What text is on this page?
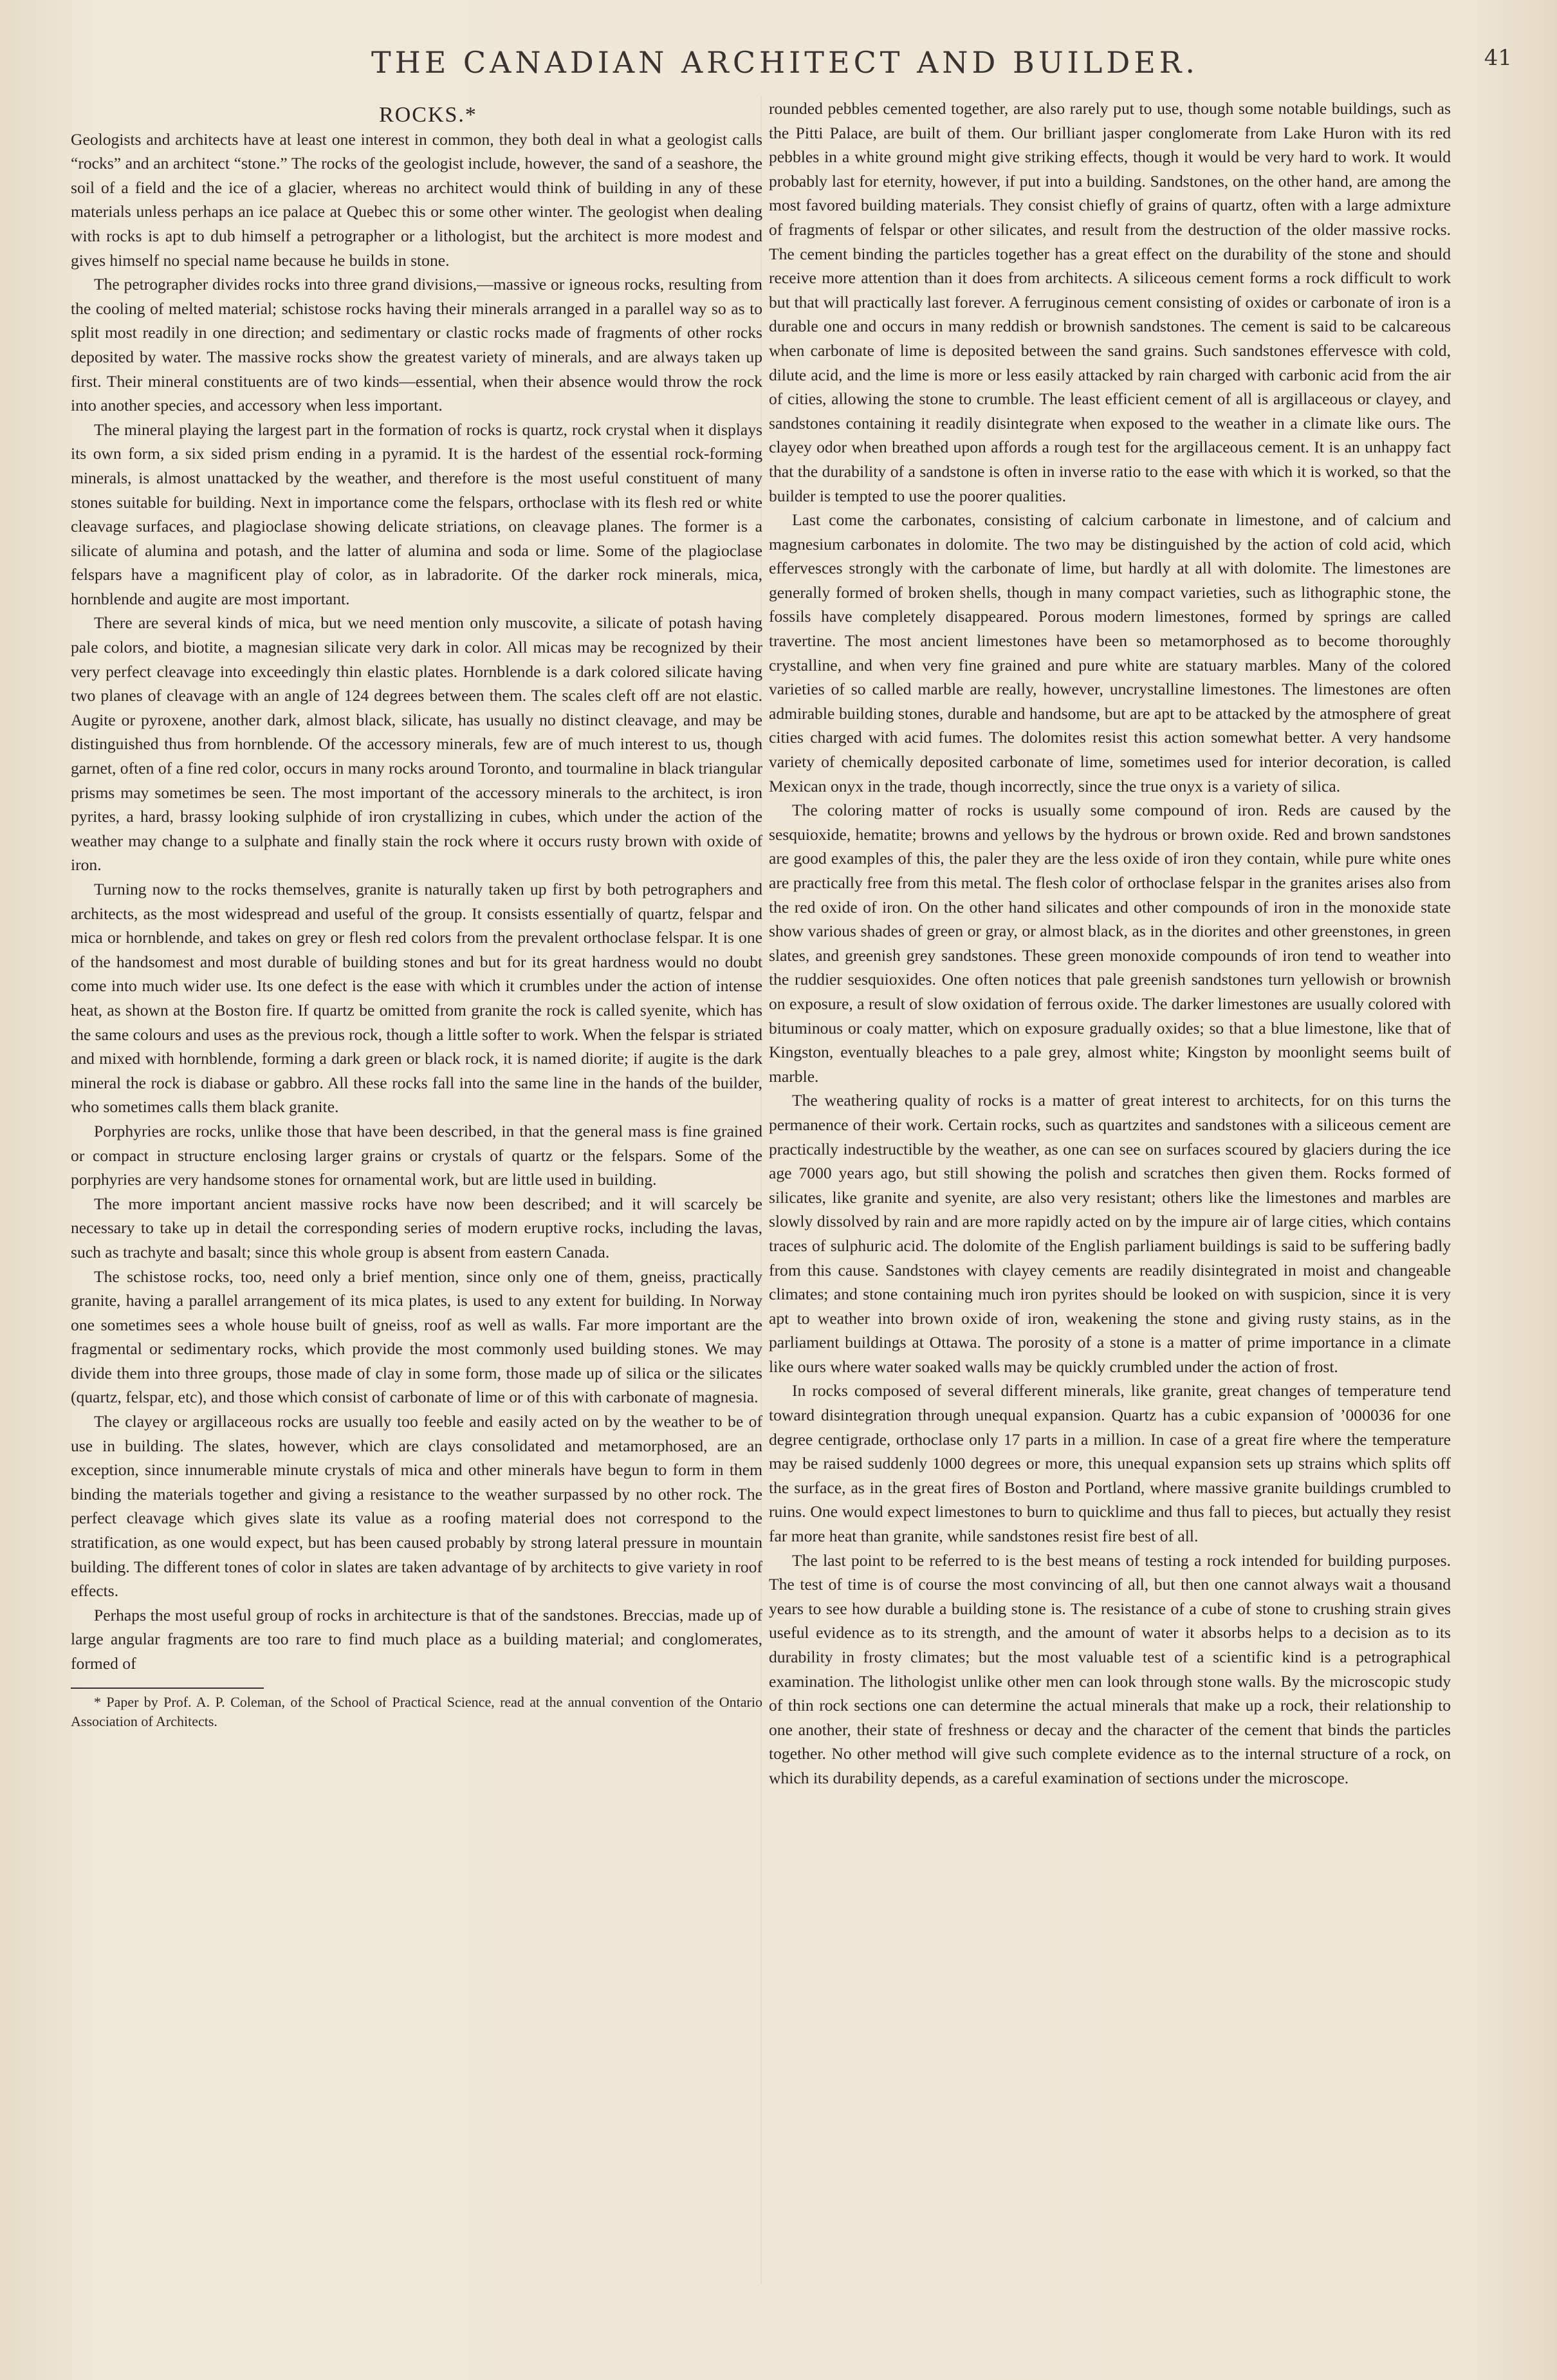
THE CANADIAN ARCHITECT AND BUILDER.	41

ROCKS.*

Geologists and architects have at least one interest in common, they both deal in what a geologist calls “rocks” and an architect “stone.” The rocks of the geologist include, however, the sand of a seashore, the soil of a field and the ice of a glacier, whereas no architect would think of building in any of these materials unless perhaps an ice palace at Quebec this or some other winter. The geologist when dealing with rocks is apt to dub himself a petrographer or a lithologist, but the architect is more modest and gives himself no special name because he builds in stone.

The petrographer divides rocks into three grand divisions,—massive or igneous rocks, resulting from the cooling of melted material; schistose rocks having their minerals arranged in a parallel way so as to split most readily in one direction; and sedimentary or clastic rocks made of fragments of other rocks deposited by water. The massive rocks show the greatest variety of minerals, and are always taken up first. Their mineral constituents are of two kinds—essential, when their absence would throw the rock into another species, and accessory when less important.

The mineral playing the largest part in the formation of rocks is quartz, rock crystal when it displays its own form, a six sided prism ending in a pyramid. It is the hardest of the essential rock-forming minerals, is almost unattacked by the weather, and therefore is the most useful constituent of many stones suitable for building. Next in importance come the felspars, orthoclase with its flesh red or white cleavage surfaces, and plagioclase showing delicate striations, on cleavage planes. The former is a silicate of alumina and potash, and the latter of alumina and soda or lime. Some of the plagioclase felspars have a magnificent play of color, as in labradorite. Of the darker rock minerals, mica, hornblende and augite are most important.

There are several kinds of mica, but we need mention only muscovite, a silicate of potash having pale colors, and biotite, a magnesian silicate very dark in color. All micas may be recognized by their very perfect cleavage into exceedingly thin elastic plates. Hornblende is a dark colored silicate having two planes of cleavage with an angle of 124 degrees between them. The scales cleft off are not elastic. Augite or pyroxene, another dark, almost black, silicate, has usually no distinct cleavage, and may be distinguished thus from hornblende. Of the accessory minerals, few are of much interest to us, though garnet, often of a fine red color, occurs in many rocks around Toronto, and tourmaline in black triangular prisms may sometimes be seen. The most important of the accessory minerals to the architect, is iron pyrites, a hard, brassy looking sulphide of iron crystallizing in cubes, which under the action of the weather may change to a sulphate and finally stain the rock where it occurs rusty brown with oxide of iron.

Turning now to the rocks themselves, granite is naturally taken up first by both petrographers and architects, as the most widespread and useful of the group. It consists essentially of quartz, felspar and mica or hornblende, and takes on grey or flesh red colors from the prevalent orthoclase felspar. It is one of the handsomest and most durable of building stones and but for its great hardness would no doubt come into much wider use. Its one defect is the ease with which it crumbles under the action of intense heat, as shown at the Boston fire. If quartz be omitted from granite the rock is called syenite, which has the same colours and uses as the previous rock, though a little softer to work. When the felspar is striated and mixed with hornblende, forming a dark green or black rock, it is named diorite; if augite is the dark mineral the rock is diabase or gabbro. All these rocks fall into the same line in the hands of the builder, who sometimes calls them black granite.

Porphyries are rocks, unlike those that have been described, in that the general mass is fine grained or compact in structure enclosing larger grains or crystals of quartz or the felspars. Some of the porphyries are very handsome stones for ornamental work, but are little used in building.

The more important ancient massive rocks have now been described; and it will scarcely be necessary to take up in detail the corresponding series of modern eruptive rocks, including the lavas, such as trachyte and basalt; since this whole group is absent from eastern Canada.

The schistose rocks, too, need only a brief mention, since only one of them, gneiss, practically granite, having a parallel arrangement of its mica plates, is used to any extent for building. In Norway one sometimes sees a whole house built of gneiss, roof as well as walls. Far more important are the fragmental or sedimentary rocks, which provide the most commonly used building stones. We may divide them into three groups, those made of clay in some form, those made up of silica or the silicates (quartz, felspar, etc), and those which consist of carbonate of lime or of this with carbonate of magnesia.

The clayey or argillaceous rocks are usually too feeble and easily acted on by the weather to be of use in building. The slates, however, which are clays consolidated and metamorphosed, are an exception, since innumerable minute crystals of mica and other minerals have begun to form in them binding the materials together and giving a resistance to the weather surpassed by no other rock. The perfect cleavage which gives slate its value as a roofing material does not correspond to the stratification, as one would expect, but has been caused probably by strong lateral pressure in mountain building. The different tones of color in slates are taken advantage of by architects to give variety in roof effects.

Perhaps the most useful group of rocks in architecture is that of the sandstones. Breccias, made up of large angular fragments are too rare to find much place as a building material; and conglomerates, formed of

* Paper by Prof. A. P. Coleman, of the School of Practical Science, read at the annual convention of the Ontario Association of Architects.

rounded pebbles cemented together, are also rarely put to use, though some notable buildings, such as the Pitti Palace, are built of them. Our brilliant jasper conglomerate from Lake Huron with its red pebbles in a white ground might give striking effects, though it would be very hard to work. It would probably last for eternity, however, if put into a building. Sandstones, on the other hand, are among the most favored building materials. They consist chiefly of grains of quartz, often with a large admixture of fragments of felspar or other silicates, and result from the destruction of the older massive rocks. The cement binding the particles together has a great effect on the durability of the stone and should receive more attention than it does from architects. A siliceous cement forms a rock difficult to work but that will practically last forever. A ferruginous cement consisting of oxides or carbonate of iron is a durable one and occurs in many reddish or brownish sandstones. The cement is said to be calcareous when carbonate of lime is deposited between the sand grains. Such sandstones effervesce with cold, dilute acid, and the lime is more or less easily attacked by rain charged with carbonic acid from the air of cities, allowing the stone to crumble. The least efficient cement of all is argillaceous or clayey, and sandstones containing it readily disintegrate when exposed to the weather in a climate like ours. The clayey odor when breathed upon affords a rough test for the argillaceous cement. It is an unhappy fact that the durability of a sandstone is often in inverse ratio to the ease with which it is worked, so that the builder is tempted to use the poorer qualities.

Last come the carbonates, consisting of calcium carbonate in limestone, and of calcium and magnesium carbonates in dolomite. The two may be distinguished by the action of cold acid, which effervesces strongly with the carbonate of lime, but hardly at all with dolomite. The limestones are generally formed of broken shells, though in many compact varieties, such as lithographic stone, the fossils have completely disappeared. Porous modern limestones, formed by springs are called travertine. The most ancient limestones have been so metamorphosed as to become thoroughly crystalline, and when very fine grained and pure white are statuary marbles. Many of the colored varieties of so called marble are really, however, uncrystalline limestones. The limestones are often admirable building stones, durable and handsome, but are apt to be attacked by the atmosphere of great cities charged with acid fumes. The dolomites resist this action somewhat better. A very handsome variety of chemically deposited carbonate of lime, sometimes used for interior decoration, is called Mexican onyx in the trade, though incorrectly, since the true onyx is a variety of silica.

The coloring matter of rocks is usually some compound of iron. Reds are caused by the sesquioxide, hematite; browns and yellows by the hydrous or brown oxide. Red and brown sandstones are good examples of this, the paler they are the less oxide of iron they contain, while pure white ones are practically free from this metal. The flesh color of orthoclase felspar in the granites arises also from the red oxide of iron. On the other hand silicates and other compounds of iron in the monoxide state show various shades of green or gray, or almost black, as in the diorites and other greenstones, in green slates, and greenish grey sandstones. These green monoxide compounds of iron tend to weather into the ruddier sesquioxides. One often notices that pale greenish sandstones turn yellowish or brownish on exposure, a result of slow oxidation of ferrous oxide. The darker limestones are usually colored with bituminous or coaly matter, which on exposure gradually oxides; so that a blue limestone, like that of Kingston, eventually bleaches to a pale grey, almost white; Kingston by moonlight seems built of marble.

The weathering quality of rocks is a matter of great interest to architects, for on this turns the permanence of their work. Certain rocks, such as quartzites and sandstones with a siliceous cement are practically indestructible by the weather, as one can see on surfaces scoured by glaciers during the ice age 7000 years ago, but still showing the polish and scratches then given them. Rocks formed of silicates, like granite and syenite, are also very resistant; others like the limestones and marbles are slowly dissolved by rain and are more rapidly acted on by the impure air of large cities, which contains traces of sulphuric acid. The dolomite of the English parliament buildings is said to be suffering badly from this cause. Sandstones with clayey cements are readily disintegrated in moist and changeable climates; and stone containing much iron pyrites should be looked on with suspicion, since it is very apt to weather into brown oxide of iron, weakening the stone and giving rusty stains, as in the parliament buildings at Ottawa. The porosity of a stone is a matter of prime importance in a climate like ours where water soaked walls may be quickly crumbled under the action of frost.

In rocks composed of several different minerals, like granite, great changes of temperature tend toward disintegration through unequal expansion. Quartz has a cubic expansion of ’000036 for one degree centigrade, orthoclase only 17 parts in a million. In case of a great fire where the temperature may be raised suddenly 1000 degrees or more, this unequal expansion sets up strains which splits off the surface, as in the great fires of Boston and Portland, where massive granite buildings crumbled to ruins. One would expect limestones to burn to quicklime and thus fall to pieces, but actually they resist far more heat than granite, while sandstones resist fire best of all.

The last point to be referred to is the best means of testing a rock intended for building purposes. The test of time is of course the most convincing of all, but then one cannot always wait a thousand years to see how durable a building stone is. The resistance of a cube of stone to crushing strain gives useful evidence as to its strength, and the amount of water it absorbs helps to a decision as to its durability in frosty climates; but the most valuable test of a scientific kind is a petrographical examination. The lithologist unlike other men can look through stone walls. By the microscopic study of thin rock sections one can determine the actual minerals that make up a rock, their relationship to one another, their state of freshness or decay and the character of the cement that binds the particles together. No other method will give such complete evidence as to the internal structure of a rock, on which its durability depends, as a careful examination of sections under the microscope.
